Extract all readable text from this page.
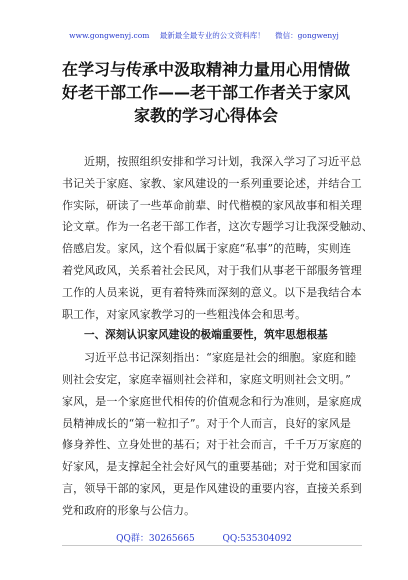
www.gongwenyj.com 最新最全最专业的公文资料库！ 微信：gongwenyj
在学习与传承中汲取精神力量用心用情做
好老干部工作——老干部工作者关于家风
家教的学习心得体会
近期，按照组织安排和学习计划，我深入学习了习近平总
书记关于家庭、家教、家风建设的一系列重要论述，并结合工
作实际，研读了一些革命前辈、时代楷模的家风故事和相关理
论文章。作为一名老干部工作者，这次专题学习让我深受触动、
倍感启发。家风，这个看似属于家庭“私事”的范畴，实则连
着党风政风，关系着社会民风，对于我们从事老干部服务管理
工作的人员来说，更有着特殊而深刻的意义。以下是我结合本
职工作，对家风家教学习的一些粗浅体会和思考。
一、深刻认识家风建设的极端重要性，筑牢思想根基
习近平总书记深刻指出：“家庭是社会的细胞。家庭和睦
则社会安定，家庭幸福则社会祥和，家庭文明则社会文明。”
家风，是一个家庭世代相传的价值观念和行为准则，是家庭成
员精神成长的“第一粒扣子”。对于个人而言，良好的家风是
修身养性、立身处世的基石；对于社会而言，千千万万家庭的
好家风，是支撑起全社会好风气的重要基础；对于党和国家而
言，领导干部的家风，更是作风建设的重要内容，直接关系到
党和政府的形象与公信力。
QQ群：30265665	QQ:535304092
